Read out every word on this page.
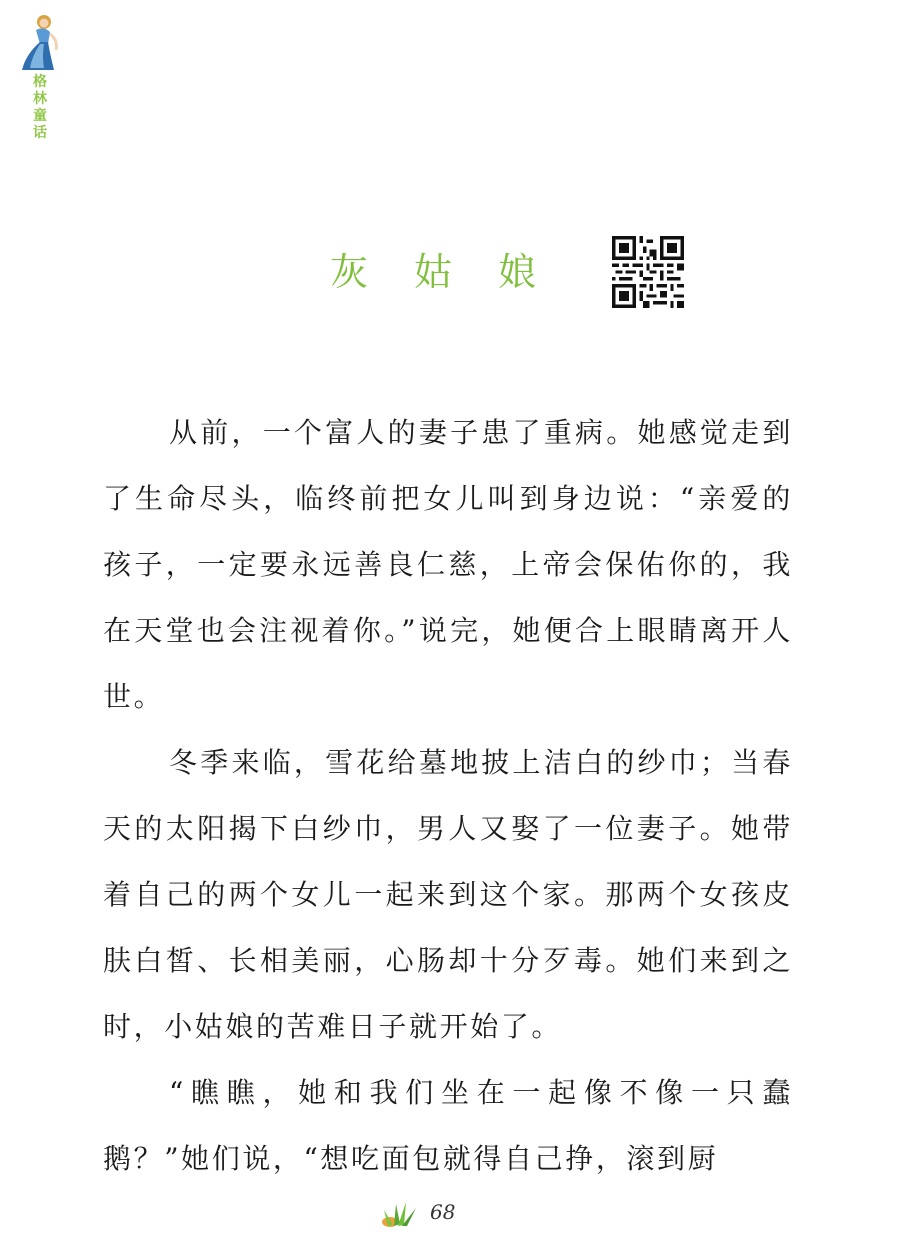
格林童话
灰姑娘

从前，一个富人的妻子患了重病。她感觉走到了生命尽头，临终前把女儿叫到身边说：“亲爱的孩子，一定要永远善良仁慈，上帝会保佑你的，我在天堂也会注视着你。”说完，她便合上眼睛离开人世。

冬季来临，雪花给墓地披上洁白的纱巾；当春天的太阳揭下白纱巾，男人又娶了一位妻子。她带着自己的两个女儿一起来到这个家。那两个女孩皮肤白皙、长相美丽，心肠却十分歹毒。她们来到之时，小姑娘的苦难日子就开始了。

“瞧瞧，她和我们坐在一起像不像一只蠢鹅？”她们说，“想吃面包就得自己挣，滚到厨

68
